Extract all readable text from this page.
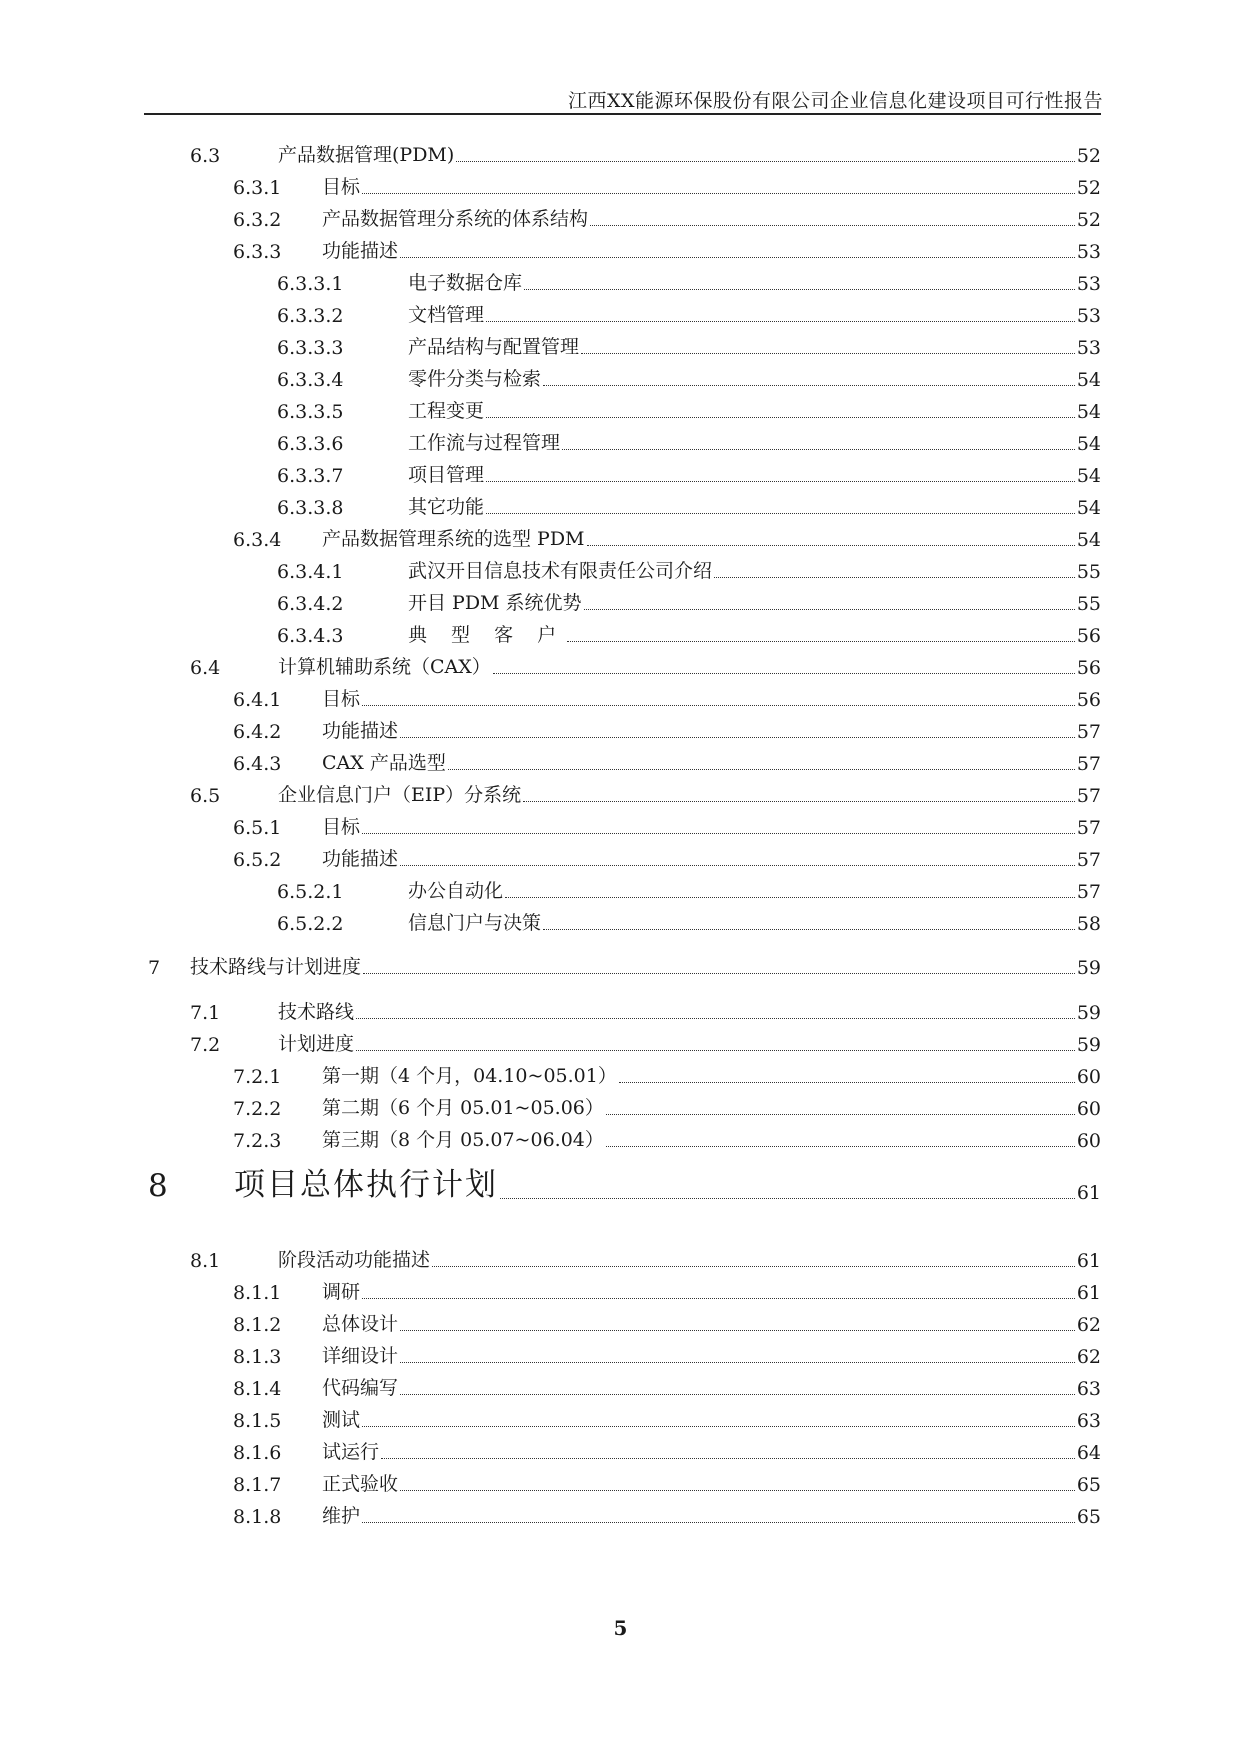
江西XX能源环保股份有限公司企业信息化建设项目可行性报告
6.3	产品数据管理(PDM)	52
6.3.1 目标	52
6.3.2 产品数据管理分系统的体系结构	52
6.3.3 功能描述	53
6.3.3.1	电子数据仓库	53
6.3.3.2	文档管理	53
6.3.3.3	产品结构与配置管理	53
6.3.3.4	零件分类与检索	54
6.3.3.5	工程变更	54
6.3.3.6	工作流与过程管理	54
6.3.3.7	项目管理	54
6.3.3.8	其它功能	54
6.3.4 产品数据管理系统的选型 PDM	54
6.3.4.1	武汉开目信息技术有限责任公司介绍	55
6.3.4.2	开目 PDM 系统优势	55
6.3.4.3	典 型 客 户	56
6.4	计算机辅助系统（CAX）	56
6.4.1 目标	56
6.4.2 功能描述	57
6.4.3 CAX 产品选型	57
6.5	企业信息门户（EIP）分系统	57
6.5.1 目标	57
6.5.2 功能描述	57
6.5.2.1	办公自动化	57
6.5.2.2	信息门户与决策	58
7 技术路线与计划进度	59
7.1	技术路线	59
7.2	计划进度	59
7.2.1 第一期（4 个月，04.10~05.01）	60
7.2.2 第二期（6 个月 05.01~05.06）	60
7.2.3 第三期（8 个月 05.07~06.04）	60
8 项目总体执行计划	61
8.1	阶段活动功能描述	61
8.1.1 调研	61
8.1.2 总体设计	62
8.1.3 详细设计	62
8.1.4 代码编写	63
8.1.5 测试	63
8.1.6 试运行	64
8.1.7 正式验收	65
8.1.8 维护	65
5
